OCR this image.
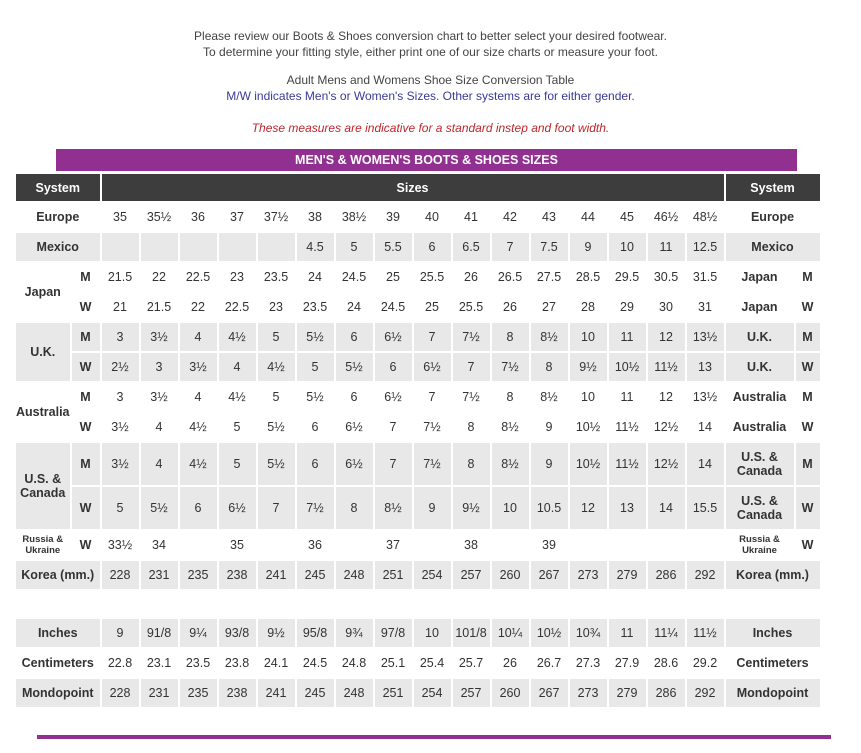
Please review our Boots & Shoes conversion chart to better select your desired footwear.

To determine your fitting style, either print one of our size charts or measure your foot.

Adult Mens and Womens Shoe Size Conversion Table

M/W indicates Men's or Women's Sizes. Other systems are for either gender.

These measures are indicative for a standard instep and foot width.
MEN'S & WOMEN'S BOOTS & SHOES SIZES
System		Sizes																System	
Europe		35	35½	36	37	37½	38	38½	39	40	41	42	43	44	45	46½	48½	Europe	
Mexico							4.5	5	5.5	6	6.5	7	7.5	9	10	11	12.5	Mexico	
Japan	M	21.5	22	22.5	23	23.5	24	24.5	25	25.5	26	26.5	27.5	28.5	29.5	30.5	31.5	Japan	M
	W	21	21.5	22	22.5	23	23.5	24	24.5	25	25.5	26	27	28	29	30	31	Japan	W
U.K.	M	3	3½	4	4½	5	5½	6	6½	7	7½	8	8½	10	11	12	13½	U.K.	M
	W	2½	3	3½	4	4½	5	5½	6	6½	7	7½	8	9½	10½	11½	13	U.K.	W
Australia	M	3	3½	4	4½	5	5½	6	6½	7	7½	8	8½	10	11	12	13½	Australia	M
	W	3½	4	4½	5	5½	6	6½	7	7½	8	8½	9	10½	11½	12½	14	Australia	W
U.S. & Canada	M	3½	4	4½	5	5½	6	6½	7	7½	8	8½	9	10½	11½	12½	14	U.S. & Canada	M
	W	5	5½	6	6½	7	7½	8	8½	9	9½	10	10.5	12	13	14	15.5	U.S. & Canada	W
Russia & Ukraine	W	33½	34		35		36		37		38		39					Russia & Ukraine	W
Korea (mm.)		228	231	235	238	241	245	248	251	254	257	260	267	273	279	286	292	Korea (mm.)	

Inches		9	91/8	9¼	93/8	9½	95/8	9¾	97/8	10	101/8	10¼	10½	10¾	11	11¼	11½	Inches	
Centimeters		22.8	23.1	23.5	23.8	24.1	24.5	24.8	25.1	25.4	25.7	26	26.7	27.3	27.9	28.6	29.2	Centimeters	
Mondopoint		228	231	235	238	241	245	248	251	254	257	260	267	273	279	286	292	Mondopoint	
